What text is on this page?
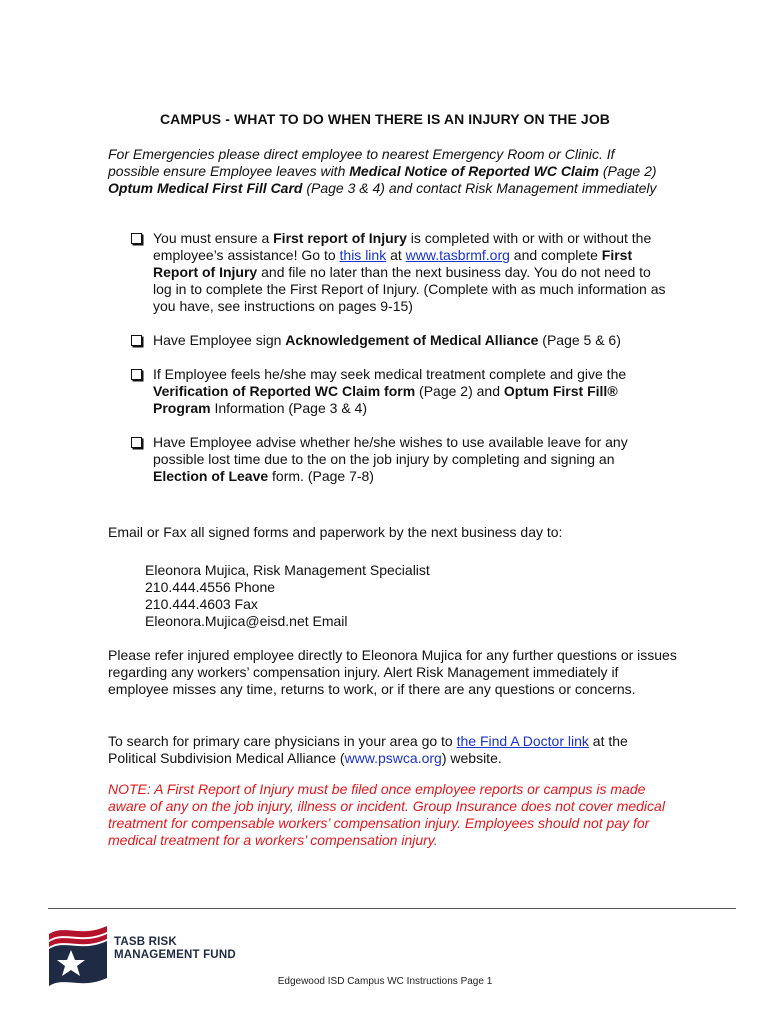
CAMPUS - WHAT TO DO WHEN THERE IS AN INJURY ON THE JOB
For Emergencies please direct employee to nearest Emergency Room or Clinic. If possible ensure Employee leaves with Medical Notice of Reported WC Claim (Page 2) Optum Medical First Fill Card (Page 3 & 4) and contact Risk Management immediately
You must ensure a First report of Injury is completed with or with or without the employee’s assistance! Go to this link at www.tasbrmf.org and complete First Report of Injury and file no later than the next business day. You do not need to log in to complete the First Report of Injury. (Complete with as much information as you have, see instructions on pages 9-15)
Have Employee sign Acknowledgement of Medical Alliance (Page 5 & 6)
If Employee feels he/she may seek medical treatment complete and give the Verification of Reported WC Claim form (Page 2) and Optum First Fill® Program Information (Page 3 & 4)
Have Employee advise whether he/she wishes to use available leave for any possible lost time due to the on the job injury by completing and signing an Election of Leave form. (Page 7-8)
Email or Fax all signed forms and paperwork by the next business day to:
Eleonora Mujica, Risk Management Specialist
210.444.4556 Phone
210.444.4603 Fax
Eleonora.Mujica@eisd.net Email
Please refer injured employee directly to Eleonora Mujica for any further questions or issues regarding any workers’ compensation injury. Alert Risk Management immediately if employee misses any time, returns to work, or if there are any questions or concerns.
To search for primary care physicians in your area go to the Find A Doctor link at the Political Subdivision Medical Alliance (www.pswca.org) website.
NOTE: A First Report of Injury must be filed once employee reports or campus is made aware of any on the job injury, illness or incident. Group Insurance does not cover medical treatment for compensable workers’ compensation injury. Employees should not pay for medical treatment for a workers’ compensation injury.
TASB RISK
MANAGEMENT FUND
Edgewood ISD Campus WC Instructions Page 1
